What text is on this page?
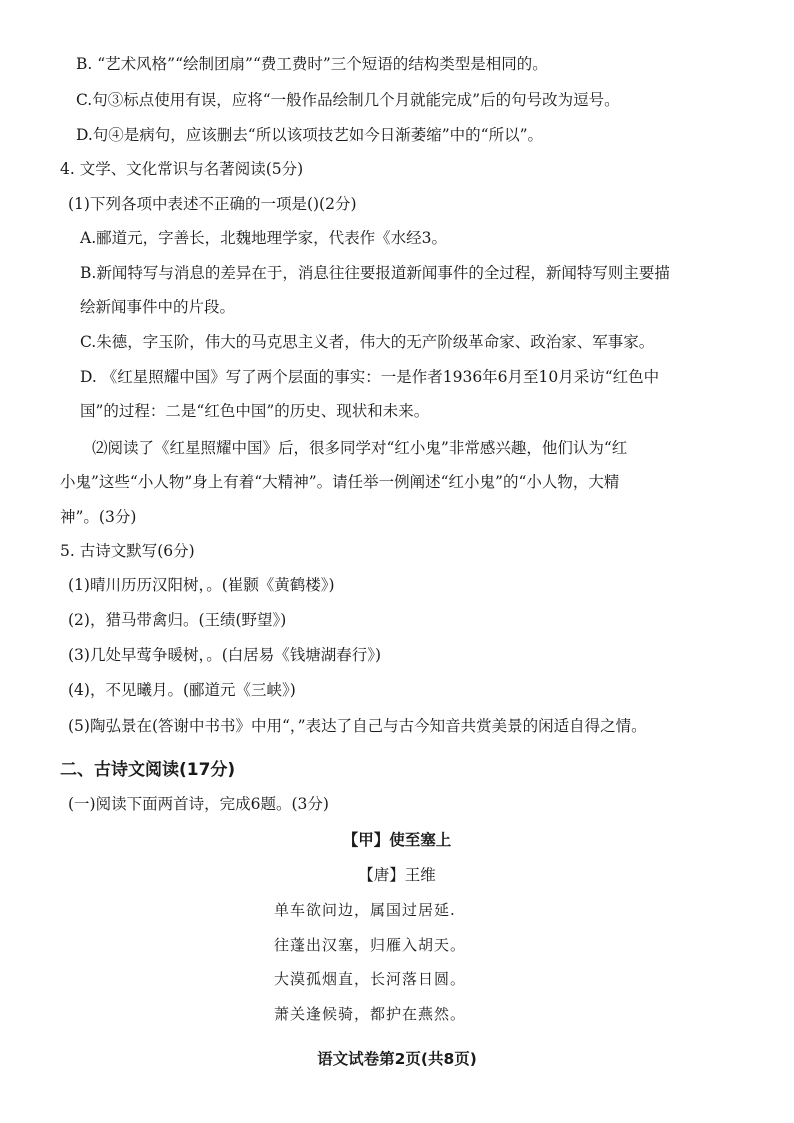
B. “艺术风格”“绘制团扇”“费工费时”三个短语的结构类型是相同的。
C.句③标点使用有误，应将“一般作品绘制几个月就能完成”后的句号改为逗号。
D.句④是病句，应该删去“所以该项技艺如今日渐萎缩”中的“所以”。
4. 文学、文化常识与名著阅读(5分)
(1)下列各项中表述不正确的一项是()(2分)
A.郦道元，字善长，北魏地理学家，代表作《水经3。
B.新闻特写与消息的差异在于，消息往往要报道新闻事件的全过程，新闻特写则主要描
绘新闻事件中的片段。
C.朱德，字玉阶，伟大的马克思主义者，伟大的无产阶级革命家、政治家、军事家。
D. 《红星照耀中国》写了两个层面的事实：一是作者1936年6月至10月采访“红色中
国”的过程：二是“红色中国”的历史、现状和未来。
⑵阅读了《红星照耀中国》后，很多同学对“红小鬼”非常感兴趣，他们认为“红
小鬼”这些“小人物”身上有着“大精神”。请任举一例阐述“红小鬼”的“小人物，大精
神”。(3分)
5. 古诗文默写(6分)
(1)晴川历历汉阳树，。(崔颢《黄鹤楼》)
(2)，猎马带禽归。(王绩(野望》)
(3)几处早莺争暖树，。(白居易《钱塘湖春行》)
(4)，不见曦月。(郦道元《三峡》)
(5)陶弘景在(答谢中书书》中用“，”表达了自己与古今知音共赏美景的闲适自得之情。
二、古诗文阅读(17分)
(一)阅读下面两首诗，完成6题。(3分)
【甲】使至塞上
【唐】王维
单车欲问边，属国过居延.
往蓬出汉塞，归雁入胡天。
大漠孤烟直，长河落日圆。
萧关逢候骑，都护在燕然。
语文试卷第2页(共8页)
